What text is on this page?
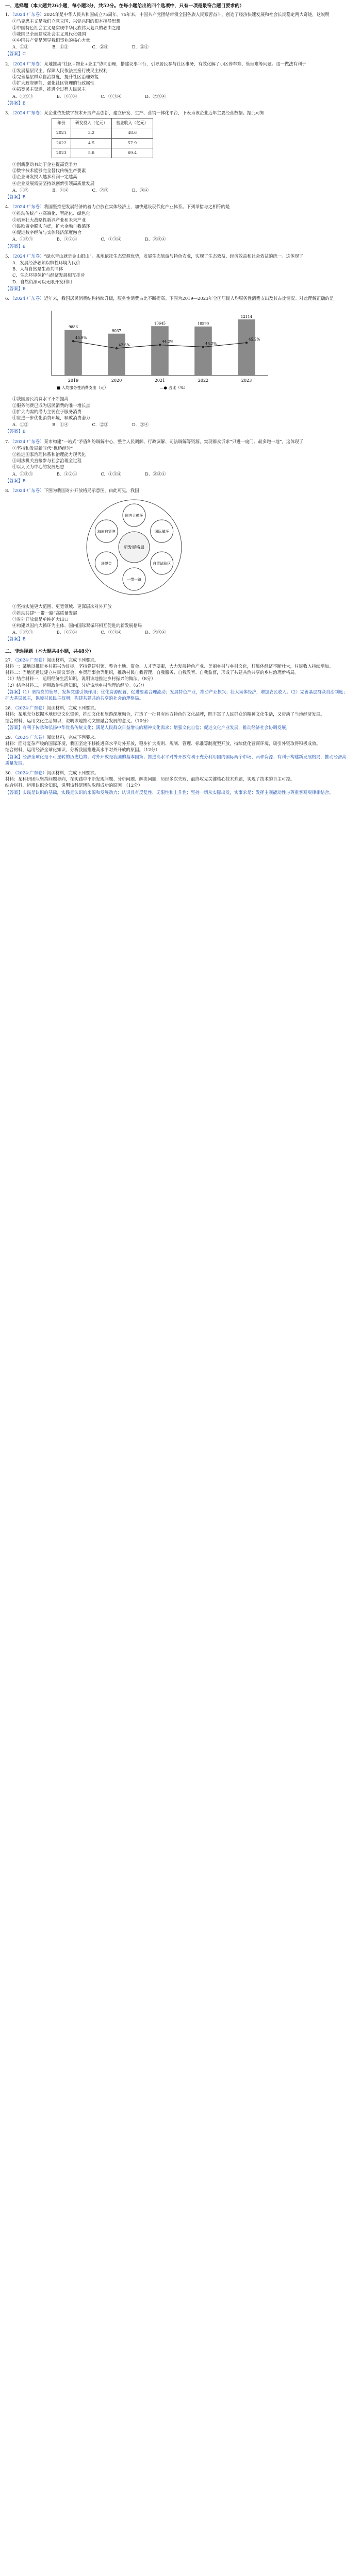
一、选择题（本大题共26小题，每小题2分，共52分。在每小题给出的四个选项中，只有一项是最符合题目要求的）
1．（2024·广东卷）2024年是中华人民共和国成立75周年。75年来，中国共产党团结带领全国各族人民艰苦奋斗，创造了经济快速发展和社会长期稳定两大奇迹，这说明
①马克思主义是我们立党立国、兴党兴国的根本指导思想
②中国特色社会主义是实现中华民族伟大复兴的必由之路
③我国已全面建成社会主义现代化强国
④中国共产党是领导我们事业的核心力量
A．①②	B．①③	C．②④	D．③④
【答案】C
2．（2024·广东卷）某地推动“社区+物业+业主”协同治理，搭建议事平台，引导居民参与社区事务，有效化解了小区停车难、管理难等问题。这一做法有利于
①发展基层民主，保障人民依法直接行使民主权利
②完善基层群众自治制度，提升社区治理效能
③扩大政府职能，强化社区管理的行政属性
④拓宽民主渠道，推进全过程人民民主
A．①②③	B．①②④	C．①③④	D．②③④
【答案】B
3．（2024·广东卷）某企业依托数字技术开展产品创新，建立研发、生产、营销一体化平台，下表为该企业近年主要经营数据。据此可知
年份	研发投入（亿元）	营业收入（亿元）
2021	3.2	48.6
2022	4.5	57.9
2023	5.8	69.4
①创新驱动有助于企业提高竞争力
②数字技术能够完全替代传统生产要素
③企业研发投入越多利润一定越高
④企业发展需要坚持以创新引领高质量发展
A．①②	B．①④	C．②③	D．③④
【答案】B
4．（2024·广东卷）我国坚持把发展经济的着力点放在实体经济上，加快建设现代化产业体系。下列举措与之相符的是
①推动传统产业高端化、智能化、绿色化
②培育壮大战略性新兴产业和未来产业
③鼓励资金脱实向虚，扩大金融自我循环
④促进数字经济与实体经济深度融合
A．①②③	B．①②④	C．①③④	D．②③④
【答案】B
5．（2024·广东卷）“绿水青山就是金山银山”。某地依托生态资源优势，发展生态旅游与特色农业，实现了生态效益、经济效益和社会效益的统一。这体现了
A．发展经济必须以牺牲环境为代价
B．人与自然是生命共同体
C．生态环境保护与经济发展相互排斥
D．自然资源可以无限开发利用
【答案】B
6．（2024·广东卷）近年来，我国居民消费结构持续升级，服务性消费占比不断提高。下图为2019—2023年全国居民人均服务性消费支出及其占比情况。对此理解正确的是
2019
9886
2020
9037
2021
10645
2022
10590
2023
12114
45.9%
42.6%
44.2%
43.2%
45.2%
■ 人均服务性消费支出（元）	—● 占比（%）
①我国居民消费水平不断提高
②服务消费已成为居民消费的唯一增长点
③扩大内需的潜力主要在于服务消费
④应进一步优化消费环境，释放消费潜力
A．①②	B．①④	C．②③	D．③④
【答案】B
7．（2024·广东卷）某市构建“一站式”矛盾纠纷调解中心，整合人民调解、行政调解、司法调解等资源，实现群众诉求“只进一扇门、最多跑一地”。这体现了
①坚持和发展新时代“枫桥经验”
②推进国家治理体系和治理能力现代化
③司法机关直接参与社会治理全过程
④以人民为中心的发展思想
A．①②③	B．①②④	C．①③④	D．②③④
【答案】B
8．（2024·广东卷）下图为我国对外开放格局示意图。由此可见，我国
新发展格局
国内大循环
国际循环
自贸试验区
一带一路
进博会
海南自贸港
①坚持实施更大范围、更宽领域、更深层次对外开放
②推动共建“一带一路”高质量发展
③对外开放就是单纯扩大出口
④构建以国内大循环为主体、国内国际双循环相互促进的新发展格局
A．①②③	B．①②④	C．①③④	D．②③④
【答案】B
二、非选择题（本大题共4小题，共48分）
27．（2024·广东卷）阅读材料，完成下列要求。
材料一：某地以推进乡村振兴为目标，坚持党建引领，整合土地、资金、人才等要素，大力发展特色产业、美丽乡村与乡村文化，村集体经济不断壮大，村民收入持续增加。
材料二：当地还通过建立村民议事会、乡贤理事会等组织，推动村民自我管理、自我服务、自我教育、自我监督，形成了共建共治共享的乡村治理新格局。
（1）结合材料一，运用经济生活知识，说明该地推进乡村振兴的做法。（8分）
（2）结合材料二，运用政治生活知识，分析该地乡村治理的经验。（6分）
【答案】（1）坚持党的领导，发挥党建引领作用；优化资源配置，促进要素合理流动；发展特色产业，推动产业振兴；壮大集体经济，增加农民收入。（2）完善基层群众自治制度；扩大基层民主，保障村民民主权利；构建共建共治共享的社会治理格局。
28．（2024·广东卷）阅读材料，完成下列要求。
材料：某地充分挖掘本地历史文化资源，推动文化和旅游深度融合，打造了一批具有地方特色的文化品牌，既丰富了人民群众的精神文化生活，又带动了当地经济发展。
结合材料，运用文化生活知识，说明该地推动文旅融合发展的意义。（10分）
【答案】有利于传承和弘扬中华优秀传统文化；满足人民群众日益增长的精神文化需求；增强文化自信；促进文化产业发展，推动经济社会协调发展。
29．（2024·广东卷）阅读材料，完成下列要求。
材料：面对复杂严峻的国际环境，我国坚定不移推进高水平对外开放，稳步扩大规则、规制、管理、标准等制度型开放，持续优化营商环境，吸引外资取得积极成效。
结合材料，运用经济全球化知识，分析我国推进高水平对外开放的原因。（12分）
【答案】经济全球化是不可逆转的历史趋势；对外开放是我国的基本国策；推进高水平对外开放有利于充分利用国内国际两个市场、两种资源；有利于构建新发展格局，推动经济高质量发展。
30．（2024·广东卷）阅读材料，完成下列要求。
材料：某科研团队坚持问题导向，在实践中不断发现问题、分析问题、解决问题，历经多次失败，最终攻克关键核心技术难题，实现了技术的自主可控。
结合材料，运用认识论知识，说明该科研团队取得成功的原因。（12分）
【答案】实践是认识的基础，实践是认识的来源和发展动力；认识具有反复性、无限性和上升性；坚持一切从实际出发，实事求是；发挥主观能动性与尊重客观规律相结合。
